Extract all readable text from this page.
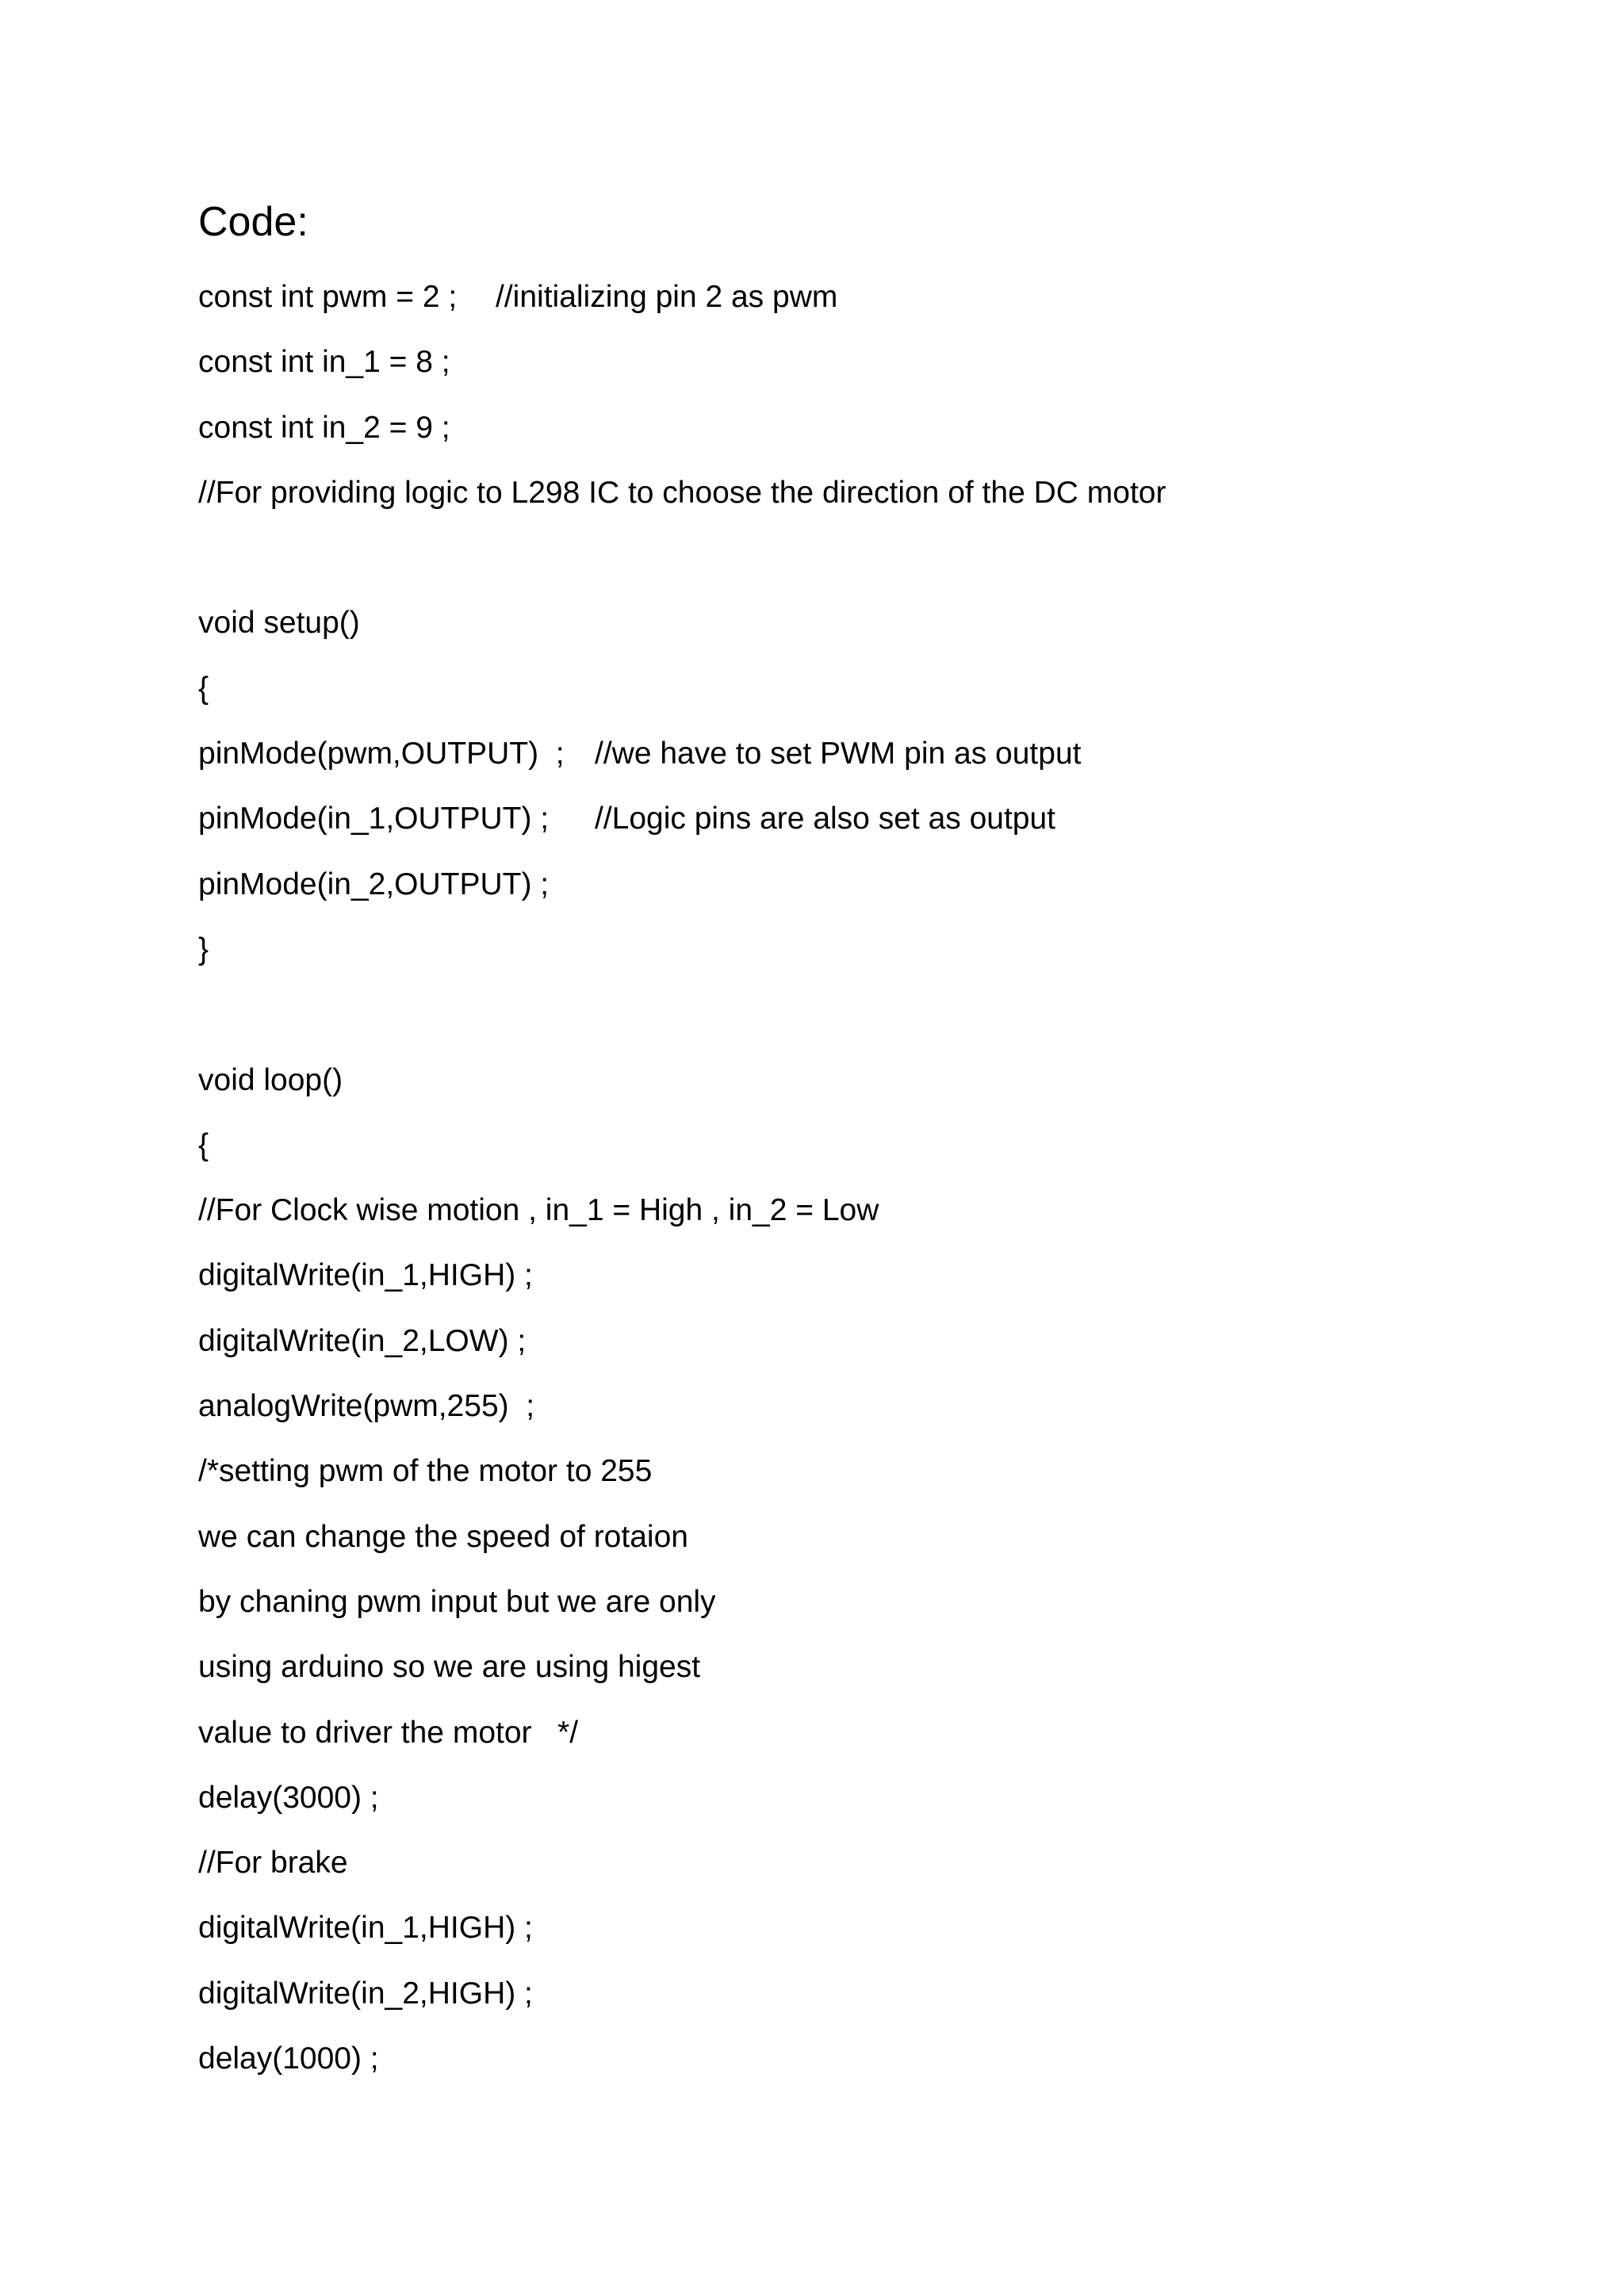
Code:
const int pwm = 2 ;	//initializing pin 2 as pwm
const int in_1 = 8 ;
const int in_2 = 9 ;
//For providing logic to L298 IC to choose the direction of the DC motor
void setup()
{
pinMode(pwm,OUTPUT)  ; //we have to set PWM pin as output
pinMode(in_1,OUTPUT) ;	//Logic pins are also set as output
pinMode(in_2,OUTPUT) ;
}
void loop()
{
//For Clock wise motion , in_1 = High , in_2 = Low
digitalWrite(in_1,HIGH) ;
digitalWrite(in_2,LOW) ;
analogWrite(pwm,255)  ;
/*setting pwm of the motor to 255
we can change the speed of rotaion
by chaning pwm input but we are only
using arduino so we are using higest
value to driver the motor   */
delay(3000) ;
//For brake
digitalWrite(in_1,HIGH) ;
digitalWrite(in_2,HIGH) ;
delay(1000) ;
